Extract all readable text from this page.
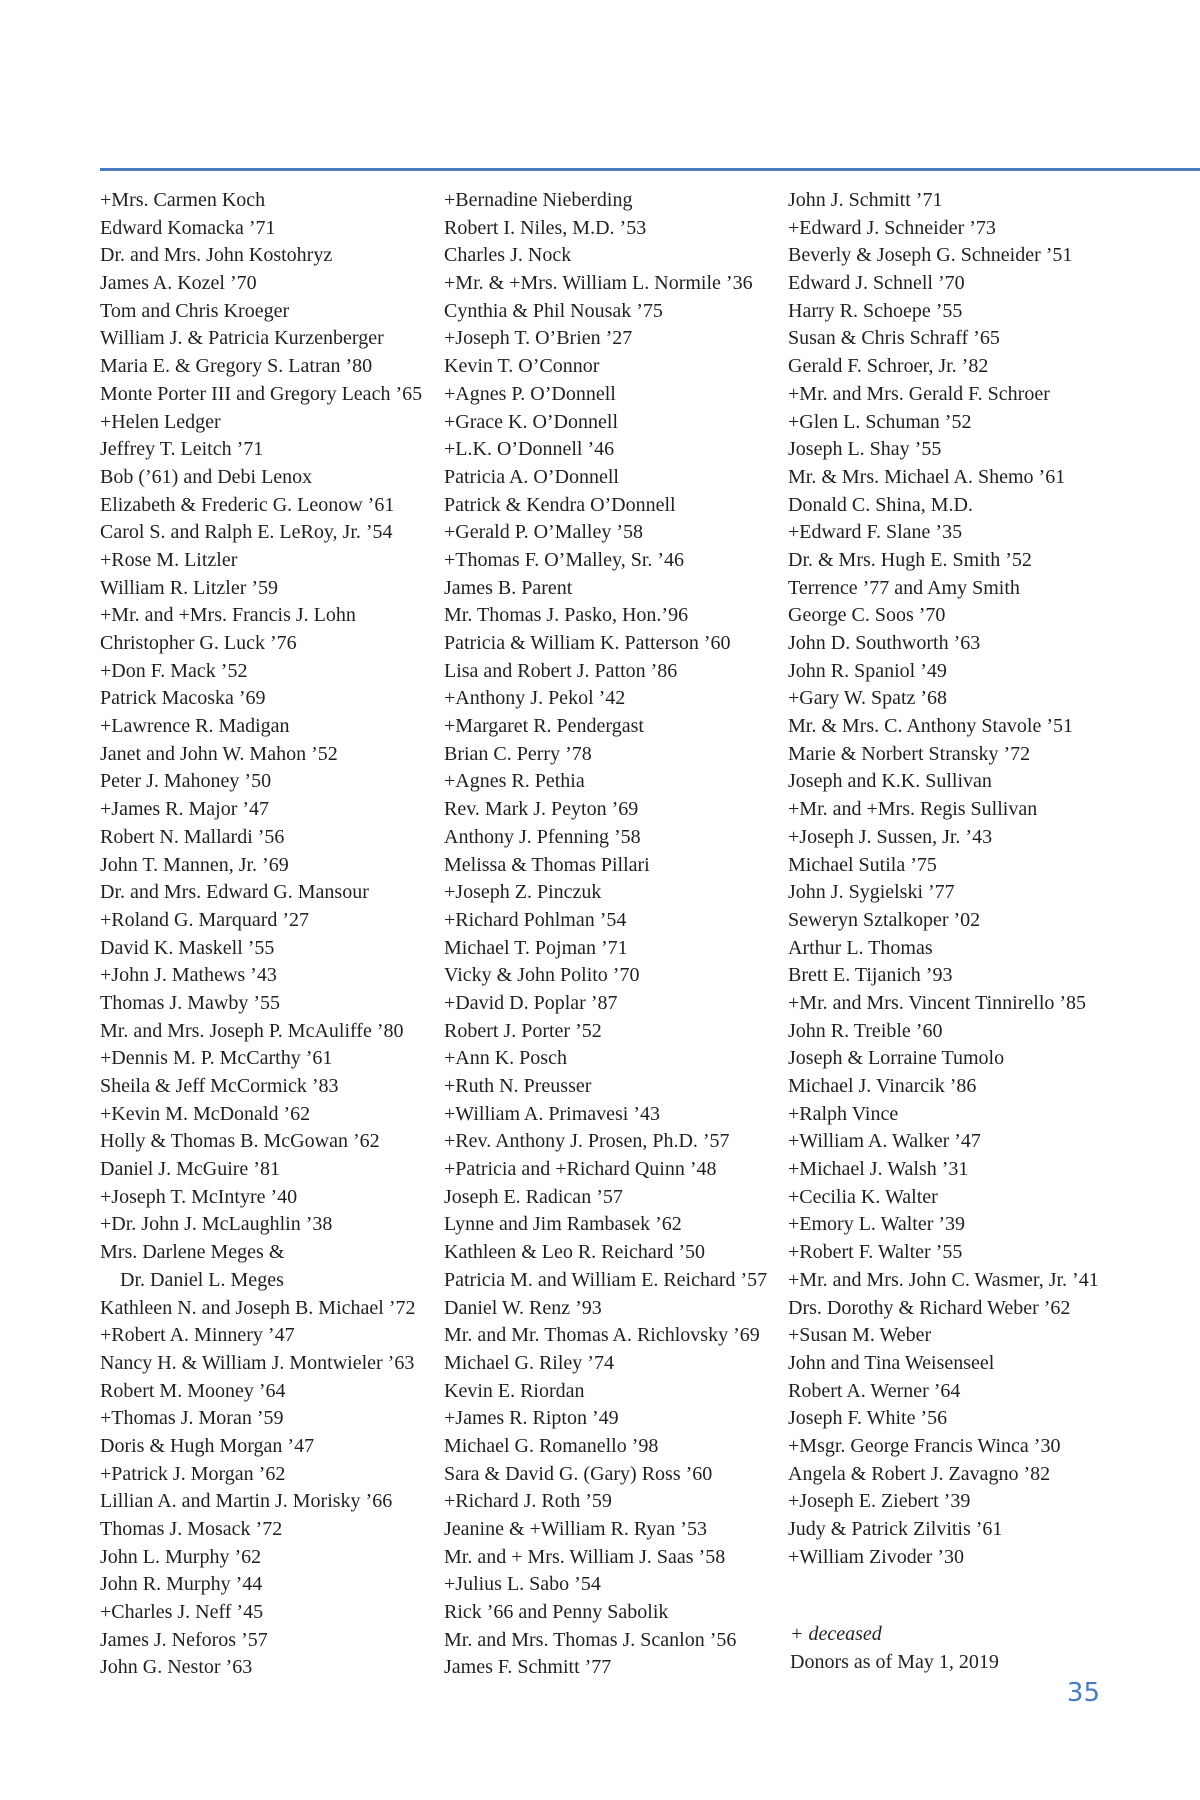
+Mrs. Carmen Koch
Edward Komacka ’71
Dr. and Mrs. John Kostohryz
James A. Kozel ’70
Tom and Chris Kroeger
William J. & Patricia Kurzenberger
Maria E. & Gregory S. Latran ’80
Monte Porter III and Gregory Leach ’65
+Helen Ledger
Jeffrey T. Leitch ’71
Bob (’61) and Debi Lenox
Elizabeth & Frederic G. Leonow ’61
Carol S. and Ralph E. LeRoy, Jr. ’54
+Rose M. Litzler
William R. Litzler ’59
+Mr. and +Mrs. Francis J. Lohn
Christopher G. Luck ’76
+Don F. Mack ’52
Patrick Macoska ’69
+Lawrence R. Madigan
Janet and John W. Mahon ’52
Peter J. Mahoney ’50
+James R. Major ’47
Robert N. Mallardi ’56
John T. Mannen, Jr. ’69
Dr. and Mrs. Edward G. Mansour
+Roland G. Marquard ’27
David K. Maskell ’55
+John J. Mathews ’43
Thomas J. Mawby ’55
Mr. and Mrs. Joseph P. McAuliffe ’80
+Dennis M. P. McCarthy ’61
Sheila & Jeff McCormick ’83
+Kevin M. McDonald ’62
Holly & Thomas B. McGowan ’62
Daniel J. McGuire ’81
+Joseph T. McIntyre ’40
+Dr. John J. McLaughlin ’38
Mrs. Darlene Meges &
Dr. Daniel L. Meges
Kathleen N. and Joseph B. Michael ’72
+Robert A. Minnery ’47
Nancy H. & William J. Montwieler ’63
Robert M. Mooney ’64
+Thomas J. Moran ’59
Doris & Hugh Morgan ’47
+Patrick J. Morgan ’62
Lillian A. and Martin J. Morisky ’66
Thomas J. Mosack ’72
John L. Murphy ’62
John R. Murphy ’44
+Charles J. Neff ’45
James J. Neforos ’57
John G. Nestor ’63
+Bernadine Nieberding
Robert I. Niles, M.D. ’53
Charles J. Nock
+Mr. & +Mrs. William L. Normile ’36
Cynthia & Phil Nousak ’75
+Joseph T. O’Brien ’27
Kevin T. O’Connor
+Agnes P. O’Donnell
+Grace K. O’Donnell
+L.K. O’Donnell ’46
Patricia A. O’Donnell
Patrick & Kendra O’Donnell
+Gerald P. O’Malley ’58
+Thomas F. O’Malley, Sr. ’46
James B. Parent
Mr. Thomas J. Pasko, Hon.’96
Patricia & William K. Patterson ’60
Lisa and Robert J. Patton ’86
+Anthony J. Pekol ’42
+Margaret R. Pendergast
Brian C. Perry ’78
+Agnes R. Pethia
Rev. Mark J. Peyton ’69
Anthony J. Pfenning ’58
Melissa & Thomas Pillari
+Joseph Z. Pinczuk
+Richard Pohlman ’54
Michael T. Pojman ’71
Vicky & John Polito ’70
+David D. Poplar ’87
Robert J. Porter ’52
+Ann K. Posch
+Ruth N. Preusser
+William A. Primavesi ’43
+Rev. Anthony J. Prosen, Ph.D. ’57
+Patricia and +Richard Quinn ’48
Joseph E. Radican ’57
Lynne and Jim Rambasek ’62
Kathleen & Leo R. Reichard ’50
Patricia M. and William E. Reichard ’57
Daniel W. Renz ’93
Mr. and Mr. Thomas A. Richlovsky ’69
Michael G. Riley ’74
Kevin E. Riordan
+James R. Ripton ’49
Michael G. Romanello ’98
Sara & David G. (Gary) Ross ’60
+Richard J. Roth ’59
Jeanine & +William R. Ryan ’53
Mr. and + Mrs. William J. Saas ’58
+Julius L. Sabo ’54
Rick ’66 and Penny Sabolik
Mr. and Mrs. Thomas J. Scanlon ’56
James F. Schmitt ’77
John J. Schmitt ’71
+Edward J. Schneider ’73
Beverly & Joseph G. Schneider ’51
Edward J. Schnell ’70
Harry R. Schoepe ’55
Susan & Chris Schraff ’65
Gerald F. Schroer, Jr. ’82
+Mr. and Mrs. Gerald F. Schroer
+Glen L. Schuman ’52
Joseph L. Shay ’55
Mr. & Mrs. Michael A. Shemo ’61
Donald C. Shina, M.D.
+Edward F. Slane ’35
Dr. & Mrs. Hugh E. Smith ’52
Terrence ’77 and Amy Smith
George C. Soos ’70
John D. Southworth ’63
John R. Spaniol ’49
+Gary W. Spatz ’68
Mr. & Mrs. C. Anthony Stavole ’51
Marie & Norbert Stransky ’72
Joseph and K.K. Sullivan
+Mr. and +Mrs. Regis Sullivan
+Joseph J. Sussen, Jr. ’43
Michael Sutila ’75
John J. Sygielski ’77
Seweryn Sztalkoper ’02
Arthur L. Thomas
Brett E. Tijanich ’93
+Mr. and Mrs. Vincent Tinnirello ’85
John R. Treible ’60
Joseph & Lorraine Tumolo
Michael J. Vinarcik ’86
+Ralph Vince
+William A. Walker ’47
+Michael J. Walsh ’31
+Cecilia K. Walter
+Emory L. Walter ’39
+Robert F. Walter ’55
+Mr. and Mrs. John C. Wasmer, Jr. ’41
Drs. Dorothy & Richard Weber ’62
+Susan M. Weber
John and Tina Weisenseel
Robert A. Werner ’64
Joseph F. White ’56
+Msgr. George Francis Winca ’30
Angela & Robert J. Zavagno ’82
+Joseph E. Ziebert ’39
Judy & Patrick Zilvitis ’61
+William Zivoder ’30
+ deceased
Donors as of May 1, 2019
35
